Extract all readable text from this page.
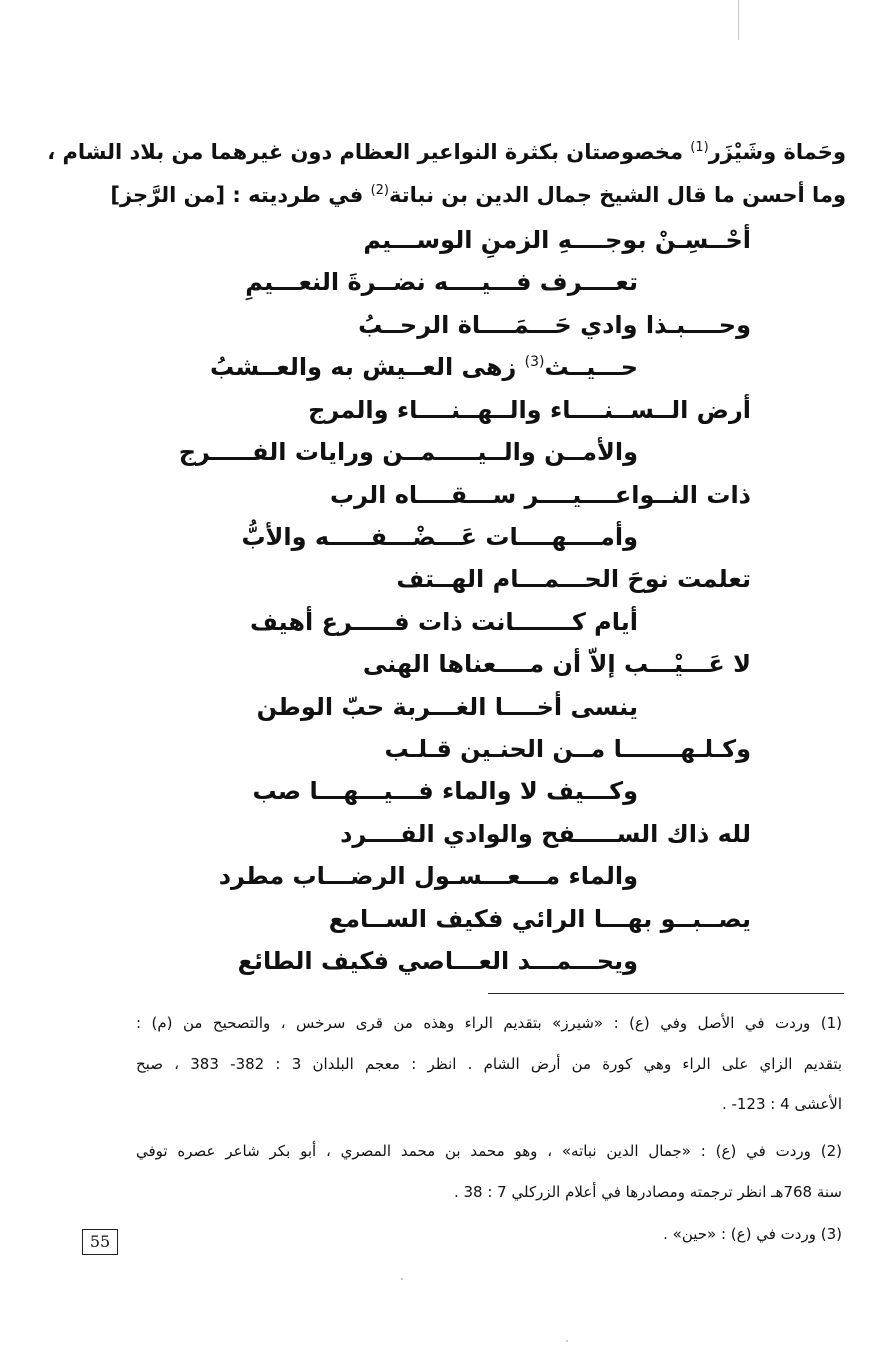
وحَماة وشَيْزَر$^{(1)}$ مخصوصتان بكثرة النواعير العظام دون غيرهما من بلاد الشام ،
وما أحسن ما قال الشيخ جمال الدين بن نباتة$^{(2)}$ في طرديته : [من الرَّجز]
أحْــسِـنْ بوجــــهِ الزمنِ الوســـيم
تعــــرف فـــيــــه نضــرةَ النعـــيمِ
وحــــبـذا وادي حَـــمَــــاة الرحــبُ
حـــيــث$^{(3)}$ زهى العــيش به والعــشبُ
أرض الــســنــــاء والــهــنــــاء والمرج
والأمــن والــيـــــمــن ورايات الفـــــرج
ذات النــواعــــيــــر ســـقــــاه الرب
وأمــــهــــات عَـــضْـــفـــــه والأبُّ
تعلمت نوحَ الحـــمـــام الهــتف
أيام كـــــــانت ذات فـــــرع أهيف
لا عَـــيْـــب إلاّ أن مــــعناها الهنى
ينسى أخــــا الغـــربة حبّ الوطن
وكـلـهـــــــا مــن الحنـين قـلـب
وكـــيف لا والماء فـــيـــهـــا صب
لله ذاك الســـــفح والوادي الفــــرد
والماء مـــعـــسـول الرضـــاب مطرد
يصــبــو بهـــا الرائي فكيف الســامع
ويحـــمـــد العـــاصي فكيف الطائع
(1) وردت في الأصل وفي (ع) : «شيرز» بتقديم الراء وهذه من قرى سرخس ، والتصحيح من (م) :
بتقديم الزاي على الراء وهي كورة من أرض الشام . انظر : معجم البلدان 3 : 382- 383 ، صبح
الأعشى 4 : 123- .
(2) وردت في (ع) : «جمال الدين نباته» ، وهو محمد بن محمد المصري ، أبو بكر شاعر عصره توفي
سنة 768هـ انظر ترجمته ومصادرها في أعلام الزركلي 7 : 38 .
(3) وردت في (ع) : «حين» .
55
